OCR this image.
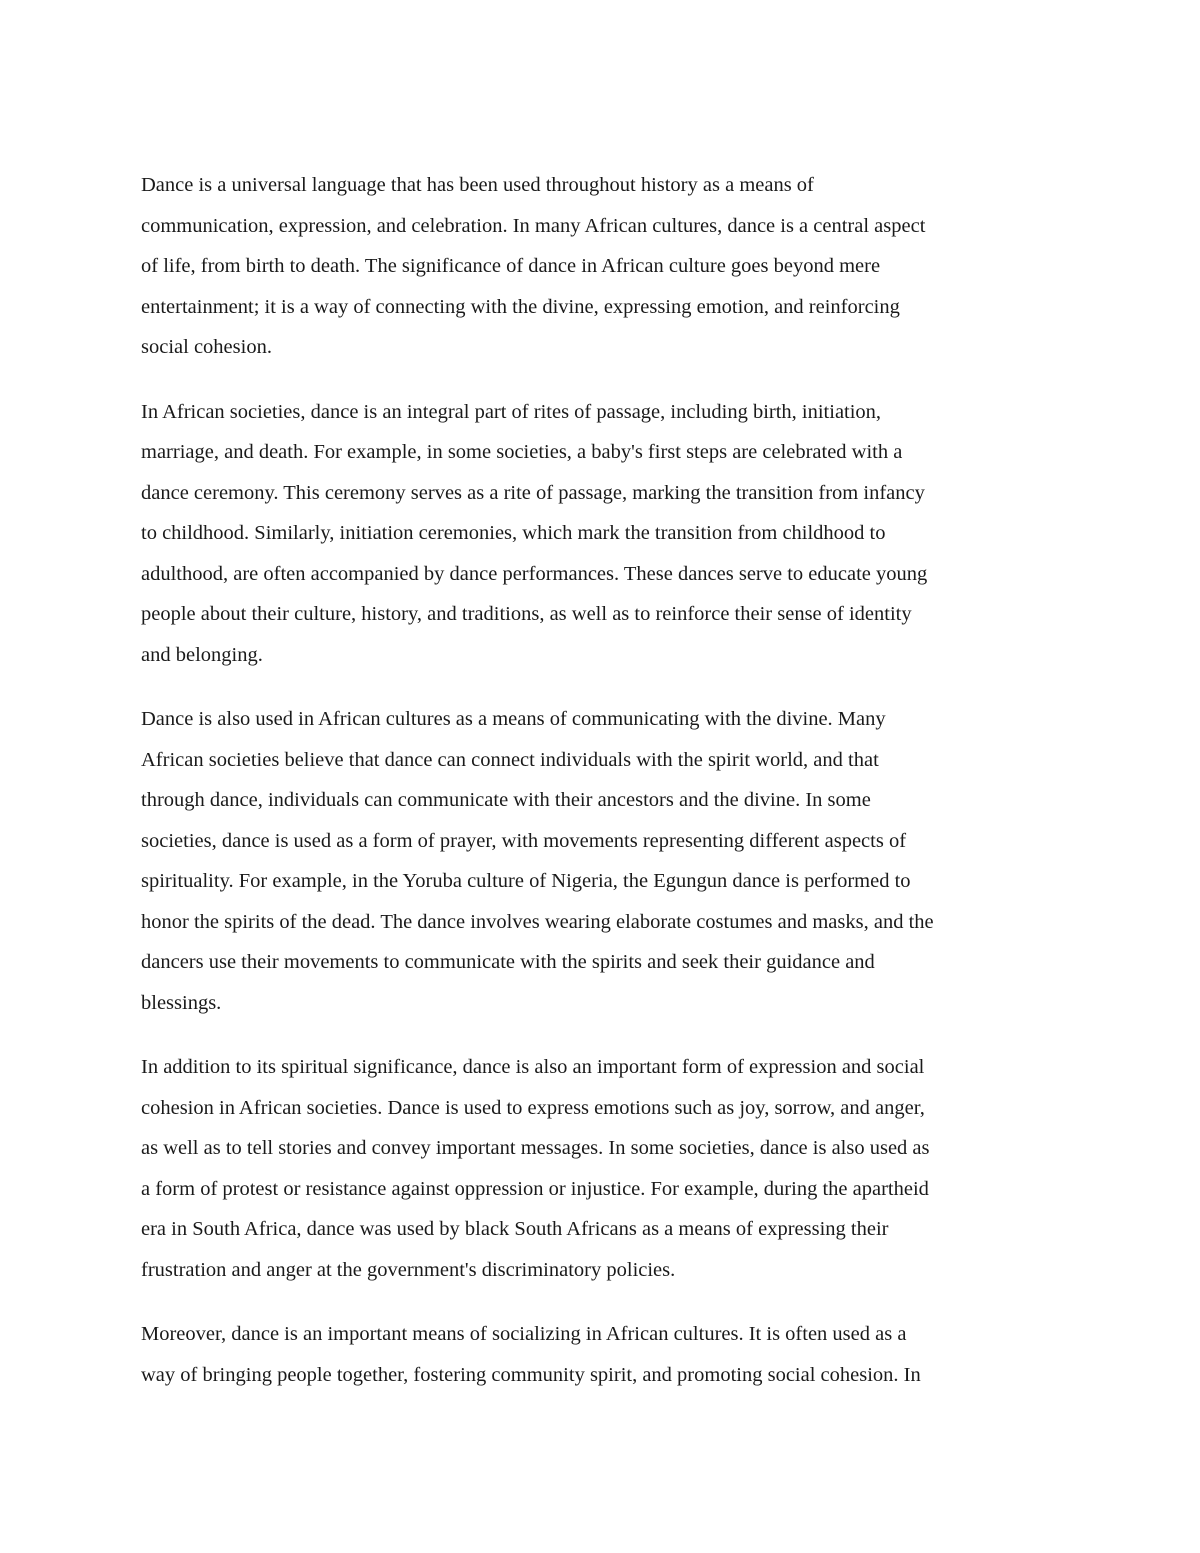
Dance is a universal language that has been used throughout history as a means of
communication, expression, and celebration. In many African cultures, dance is a central aspect
of life, from birth to death. The significance of dance in African culture goes beyond mere
entertainment; it is a way of connecting with the divine, expressing emotion, and reinforcing
social cohesion.

In African societies, dance is an integral part of rites of passage, including birth, initiation,
marriage, and death. For example, in some societies, a baby's first steps are celebrated with a
dance ceremony. This ceremony serves as a rite of passage, marking the transition from infancy
to childhood. Similarly, initiation ceremonies, which mark the transition from childhood to
adulthood, are often accompanied by dance performances. These dances serve to educate young
people about their culture, history, and traditions, as well as to reinforce their sense of identity
and belonging.

Dance is also used in African cultures as a means of communicating with the divine. Many
African societies believe that dance can connect individuals with the spirit world, and that
through dance, individuals can communicate with their ancestors and the divine. In some
societies, dance is used as a form of prayer, with movements representing different aspects of
spirituality. For example, in the Yoruba culture of Nigeria, the Egungun dance is performed to
honor the spirits of the dead. The dance involves wearing elaborate costumes and masks, and the
dancers use their movements to communicate with the spirits and seek their guidance and
blessings.

In addition to its spiritual significance, dance is also an important form of expression and social
cohesion in African societies. Dance is used to express emotions such as joy, sorrow, and anger,
as well as to tell stories and convey important messages. In some societies, dance is also used as
a form of protest or resistance against oppression or injustice. For example, during the apartheid
era in South Africa, dance was used by black South Africans as a means of expressing their
frustration and anger at the government's discriminatory policies.

Moreover, dance is an important means of socializing in African cultures. It is often used as a
way of bringing people together, fostering community spirit, and promoting social cohesion. In
